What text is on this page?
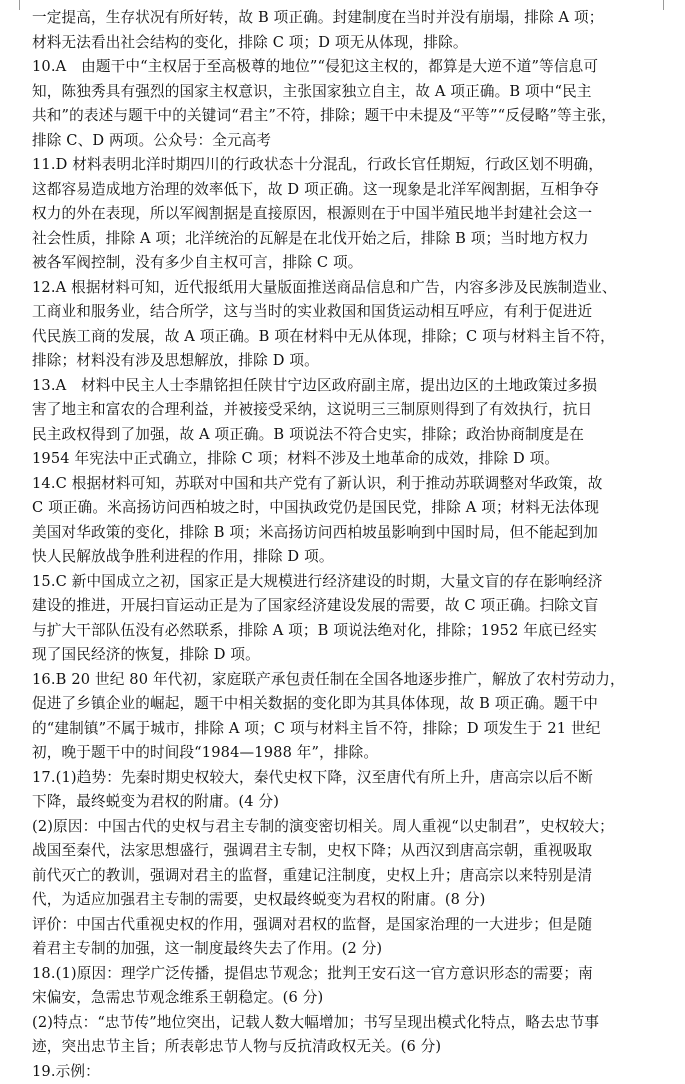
一定提高，生存状况有所好转，故 B 项正确。封建制度在当时并没有崩塌，排除 A 项；
材料无法看出社会结构的变化，排除 C 项；D 项无从体现，排除。
10.A　由题干中“主权居于至高极尊的地位”“侵犯这主权的，都算是大逆不道”等信息可
知，陈独秀具有强烈的国家主权意识，主张国家独立自主，故 A 项正确。B 项中“民主
共和”的表述与题干中的关键词“君主”不符，排除；题干中未提及“平等”“反侵略”等主张，
排除 C、D 两项。公众号：全元高考
11.D 材料表明北洋时期四川的行政状态十分混乱，行政长官任期短，行政区划不明确，
这都容易造成地方治理的效率低下，故 D 项正确。这一现象是北洋军阀割据，互相争夺
权力的外在表现，所以军阀割据是直接原因，根源则在于中国半殖民地半封建社会这一
社会性质，排除 A 项；北洋统治的瓦解是在北伐开始之后，排除 B 项；当时地方权力
被各军阀控制，没有多少自主权可言，排除 C 项。
12.A 根据材料可知，近代报纸用大量版面推送商品信息和广告，内容多涉及民族制造业、
工商业和服务业，结合所学，这与当时的实业救国和国货运动相互呼应，有利于促进近
代民族工商的发展，故 A 项正确。B 项在材料中无从体现，排除；C 项与材料主旨不符，
排除；材料没有涉及思想解放，排除 D 项。
13.A　材料中民主人士李鼎铭担任陕甘宁边区政府副主席，提出边区的土地政策过多损
害了地主和富农的合理利益，并被接受采纳，这说明三三制原则得到了有效执行，抗日
民主政权得到了加强，故 A 项正确。B 项说法不符合史实，排除；政治协商制度是在
1954 年宪法中正式确立，排除 C 项；材料不涉及土地革命的成效，排除 D 项。
14.C 根据材料可知，苏联对中国和共产党有了新认识，利于推动苏联调整对华政策，故
C 项正确。米高扬访问西柏坡之时，中国执政党仍是国民党，排除 A 项；材料无法体现
美国对华政策的变化，排除 B 项；米高扬访问西柏坡虽影响到中国时局，但不能起到加
快人民解放战争胜利进程的作用，排除 D 项。
15.C 新中国成立之初，国家正是大规模进行经济建设的时期，大量文盲的存在影响经济
建设的推进，开展扫盲运动正是为了国家经济建设发展的需要，故 C 项正确。扫除文盲
与扩大干部队伍没有必然联系，排除 A 项；B 项说法绝对化，排除；1952 年底已经实
现了国民经济的恢复，排除 D 项。
16.B 20 世纪 80 年代初，家庭联产承包责任制在全国各地逐步推广，解放了农村劳动力，
促进了乡镇企业的崛起，题干中相关数据的变化即为其具体体现，故 B 项正确。题干中
的“建制镇”不属于城市，排除 A 项；C 项与材料主旨不符，排除；D 项发生于 21 世纪
初，晚于题干中的时间段“1984—1988 年”，排除。
17.(1)趋势：先秦时期史权较大，秦代史权下降，汉至唐代有所上升，唐高宗以后不断
下降，最终蜕变为君权的附庸。(4 分)
(2)原因：中国古代的史权与君主专制的演变密切相关。周人重视“以史制君”，史权较大；
战国至秦代，法家思想盛行，强调君主专制，史权下降；从西汉到唐高宗朝，重视吸取
前代灭亡的教训，强调对君主的监督，重建记注制度，史权上升；唐高宗以来特别是清
代，为适应加强君主专制的需要，史权最终蜕变为君权的附庸。(8 分)
评价：中国古代重视史权的作用，强调对君权的监督，是国家治理的一大进步；但是随
着君主专制的加强，这一制度最终失去了作用。(2 分)
18.(1)原因：理学广泛传播，提倡忠节观念；批判王安石这一官方意识形态的需要；南
宋偏安，急需忠节观念维系王朝稳定。(6 分)
(2)特点：“忠节传”地位突出，记载人数大幅增加；书写呈现出模式化特点，略去忠节事
迹，突出忠节主旨；所表彰忠节人物与反抗清政权无关。(6 分)
19.示例：
